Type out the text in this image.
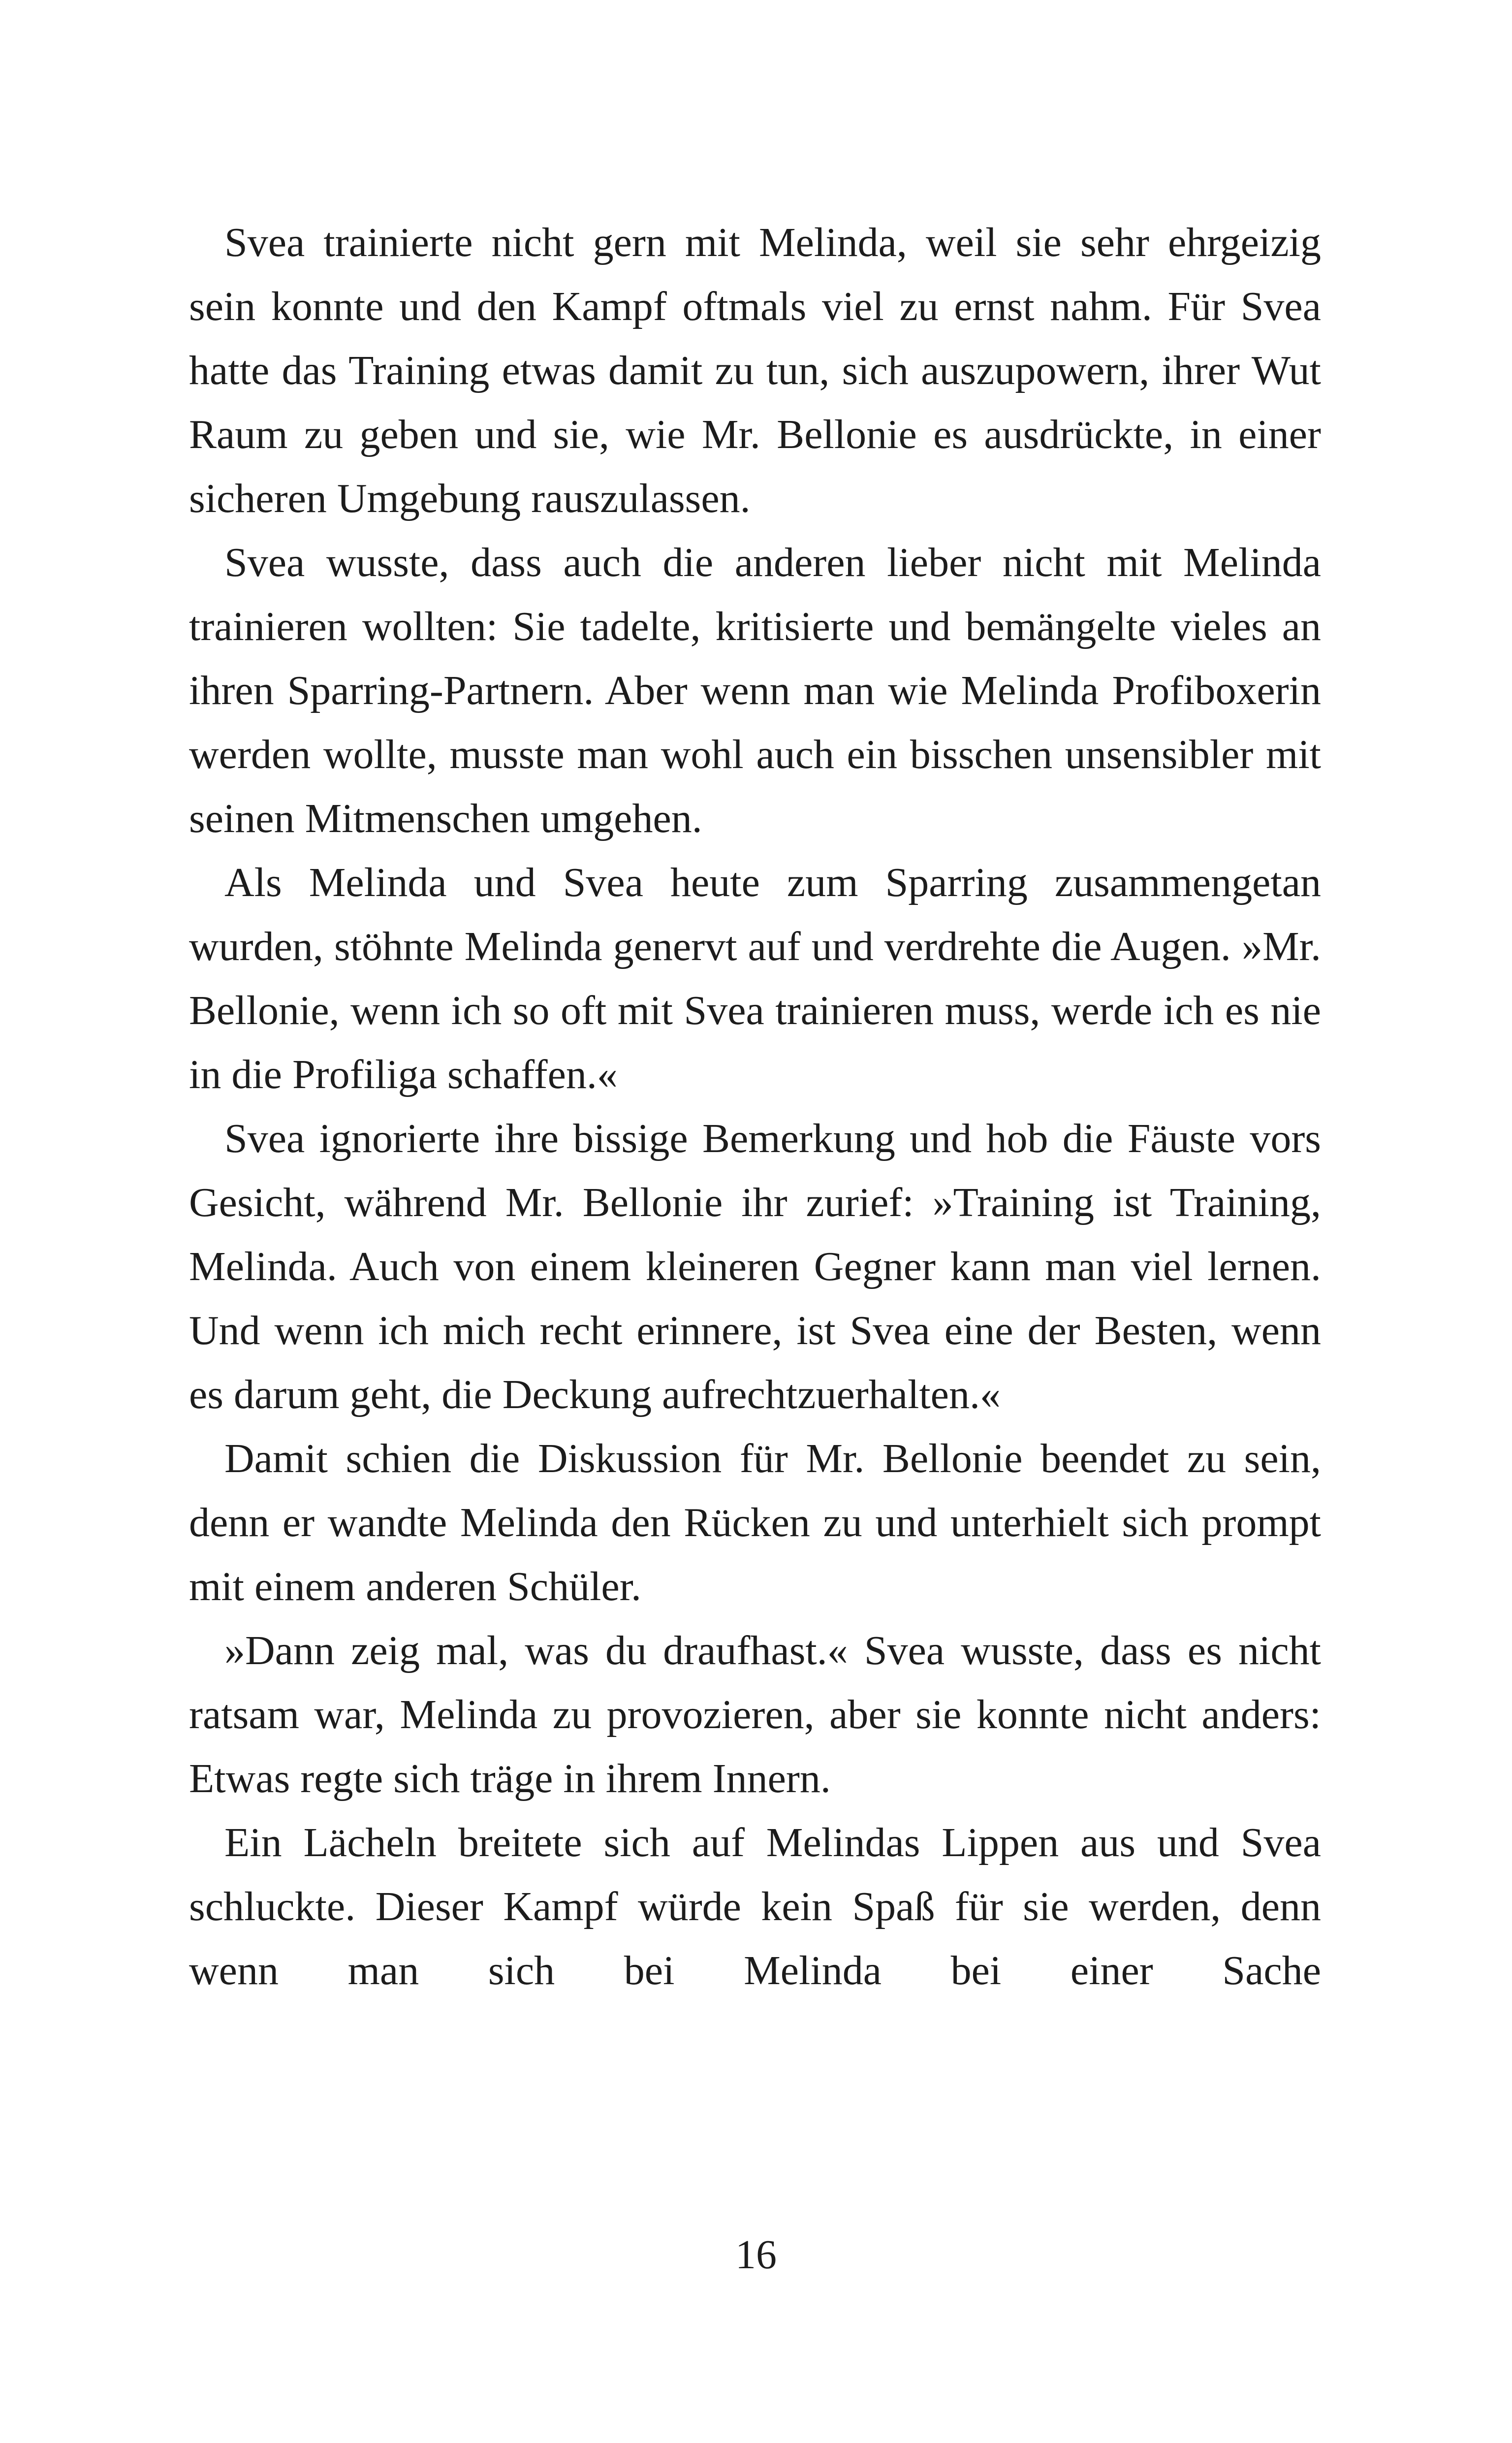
Svea trainierte nicht gern mit Melinda, weil sie sehr ehrgeizig sein konnte und den Kampf oftmals viel zu ernst nahm. Für Svea hatte das Training etwas damit zu tun, sich auszupowern, ihrer Wut Raum zu geben und sie, wie Mr. Bellonie es ausdrückte, in einer sicheren Umgebung rauszulassen.

Svea wusste, dass auch die anderen lieber nicht mit Melinda trainieren wollten: Sie tadelte, kritisierte und bemängelte vieles an ihren Sparring-Partnern. Aber wenn man wie Melinda Profiboxerin werden wollte, musste man wohl auch ein bisschen unsensibler mit seinen Mitmenschen umgehen.

Als Melinda und Svea heute zum Sparring zusammengetan wurden, stöhnte Melinda genervt auf und verdrehte die Augen. »Mr. Bellonie, wenn ich so oft mit Svea trainieren muss, werde ich es nie in die Profiliga schaffen.«

Svea ignorierte ihre bissige Bemerkung und hob die Fäuste vors Gesicht, während Mr. Bellonie ihr zurief: »Training ist Training, Melinda. Auch von einem kleineren Gegner kann man viel lernen. Und wenn ich mich recht erinnere, ist Svea eine der Besten, wenn es darum geht, die Deckung aufrechtzuerhalten.«

Damit schien die Diskussion für Mr. Bellonie beendet zu sein, denn er wandte Melinda den Rücken zu und unterhielt sich prompt mit einem anderen Schüler.

»Dann zeig mal, was du draufhast.« Svea wusste, dass es nicht ratsam war, Melinda zu provozieren, aber sie konnte nicht anders: Etwas regte sich träge in ihrem Innern.

Ein Lächeln breitete sich auf Melindas Lippen aus und Svea schluckte. Dieser Kampf würde kein Spaß für sie werden, denn wenn man sich bei Melinda bei einer Sache

16
